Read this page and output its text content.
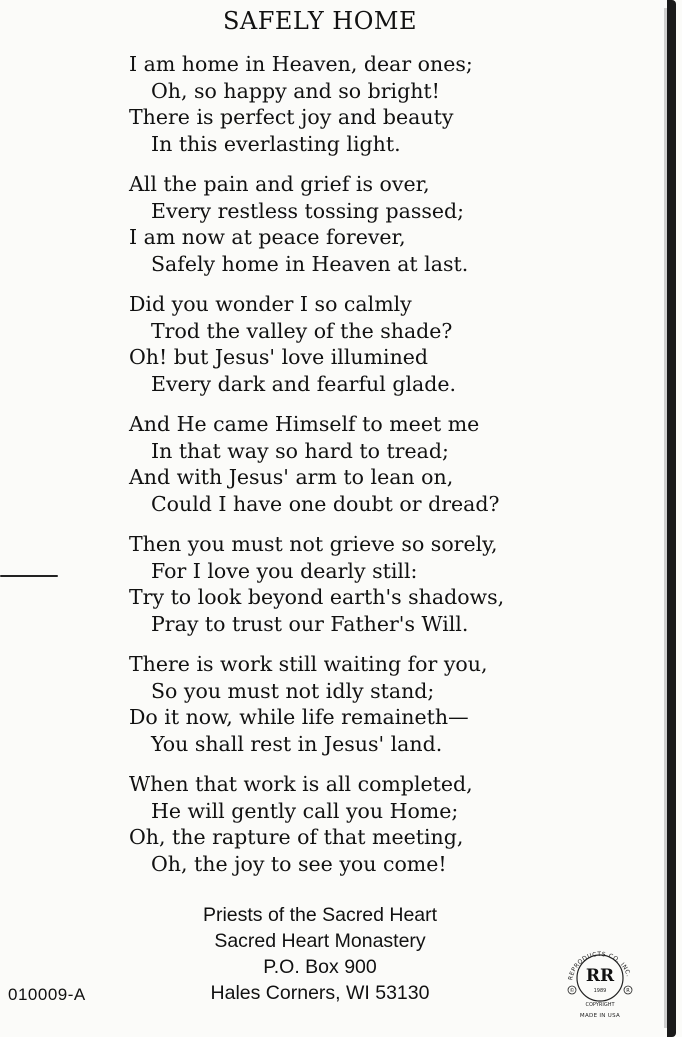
SAFELY HOME
I am home in Heaven, dear ones;
Oh, so happy and so bright!
There is perfect joy and beauty
In this everlasting light.
All the pain and grief is over,
Every restless tossing passed;
I am now at peace forever,
Safely home in Heaven at last.
Did you wonder I so calmly
Trod the valley of the shade?
Oh! but Jesus' love illumined
Every dark and fearful glade.
And He came Himself to meet me
In that way so hard to tread;
And with Jesus' arm to lean on,
Could I have one doubt or dread?
Then you must not grieve so sorely,
For I love you dearly still:
Try to look beyond earth's shadows,
Pray to trust our Father's Will.
There is work still waiting for you,
So you must not idly stand;
Do it now, while life remaineth—
You shall rest in Jesus' land.
When that work is all completed,
He will gently call you Home;
Oh, the rapture of that meeting,
Oh, the joy to see you come!
Priests of the Sacred Heart
Sacred Heart Monastery
P.O. Box 900
Hales Corners, WI 53130
010009-A
REPRODUCTS CO. INC.
RR
1989
©	R
COPYRIGHT
MADE IN USA
